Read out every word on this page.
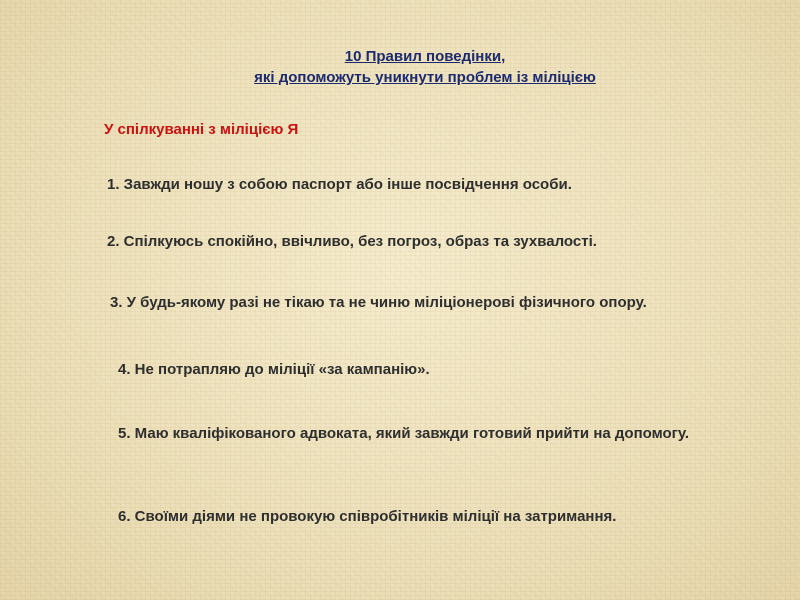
10 Правил поведінки,
які допоможуть уникнути проблем із міліцією
У спілкуванні з міліцією Я
1. Завжди ношу з собою паспорт або інше посвідчення особи.
2. Спілкуюсь спокійно, ввічливо, без погроз, образ та зухвалості.
3. У будь-якому разі не тікаю та не чиню міліціонерові фізичного опору.
4. Не потрапляю до міліції «за кампанію».
5. Маю кваліфікованого адвоката, який завжди готовий прийти на допомогу.
6. Своїми діями не провокую співробітників міліції на затримання.
